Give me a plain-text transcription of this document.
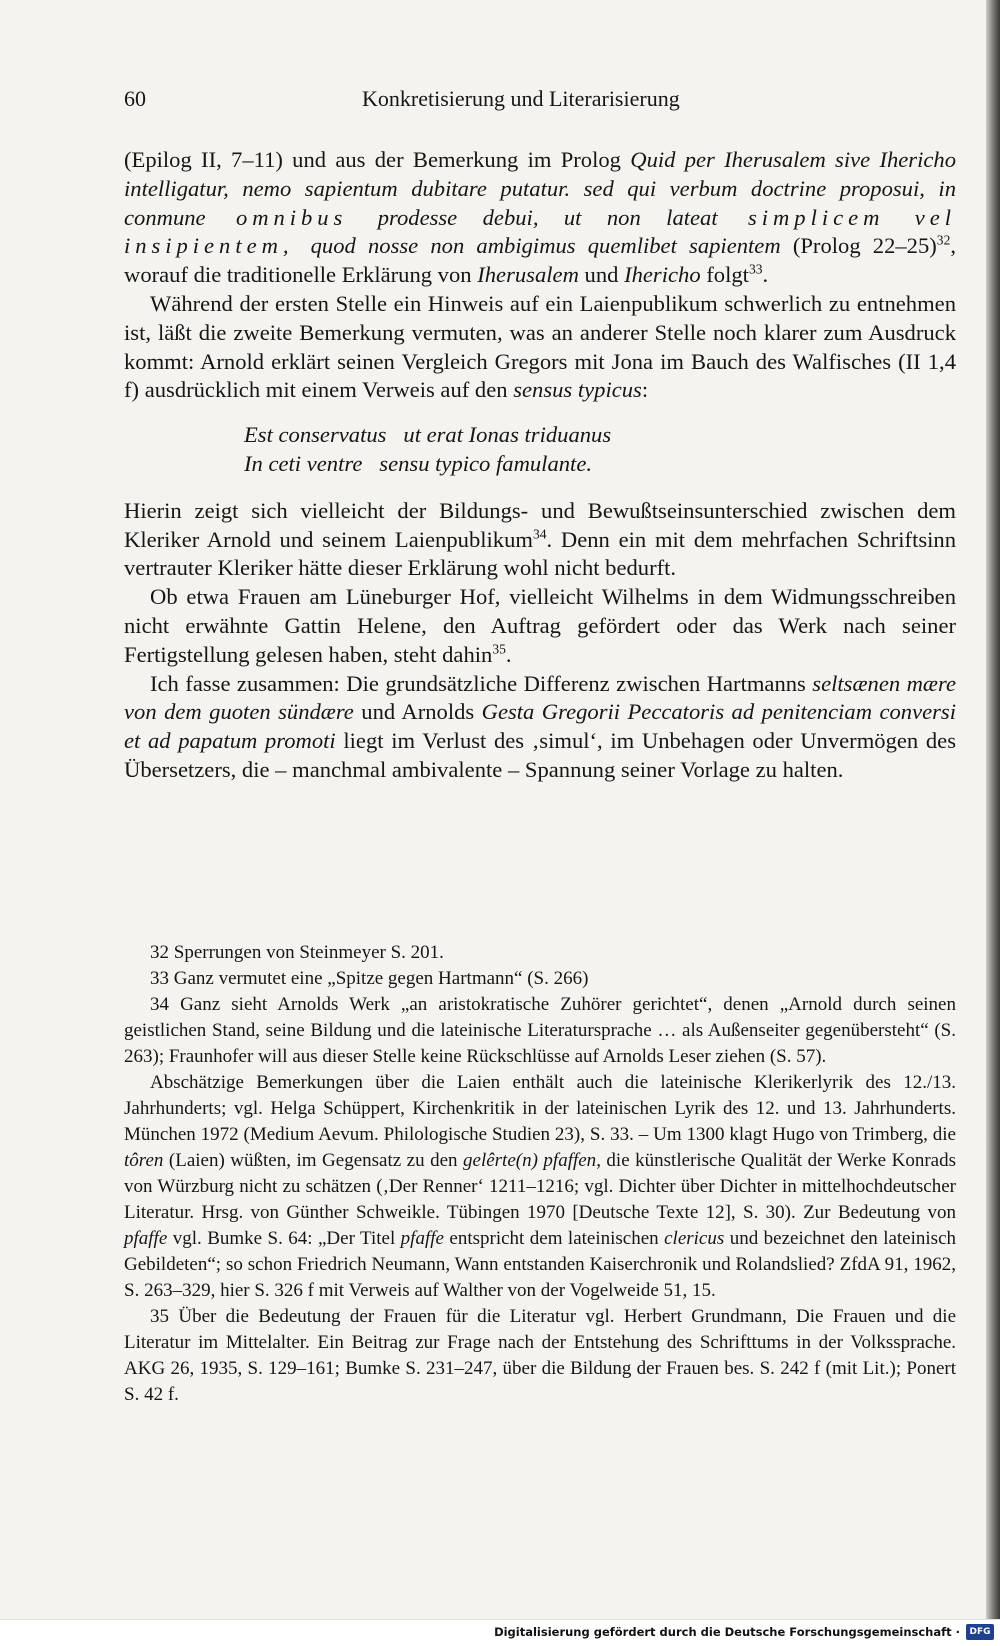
60	Konkretisierung und Literarisierung

(Epilog II, 7–11) und aus der Bemerkung im Prolog Quid per Iherusalem sive Ihericho intelligatur, nemo sapientum dubitare putatur. sed qui verbum doctrine proposui, in conmune omnibus prodesse debui, ut non lateat simplicem vel insipientem, quod nosse non ambigimus quemlibet sapientem (Prolog 22–25)$^{32}$, worauf die traditionelle Erklärung von Iherusalem und Ihericho folgt$^{33}$.

Während der ersten Stelle ein Hinweis auf ein Laienpublikum schwerlich zu entnehmen ist, läßt die zweite Bemerkung vermuten, was an anderer Stelle noch klarer zum Ausdruck kommt: Arnold erklärt seinen Vergleich Gregors mit Jona im Bauch des Walfisches (II 1,4 f) ausdrücklich mit einem Verweis auf den sensus typicus:

Est conservatus   ut erat Ionas triduanus
In ceti ventre   sensu typico famulante.

Hierin zeigt sich vielleicht der Bildungs- und Bewußtseinsunterschied zwischen dem Kleriker Arnold und seinem Laienpublikum$^{34}$. Denn ein mit dem mehrfachen Schriftsinn vertrauter Kleriker hätte dieser Erklärung wohl nicht bedurft.

Ob etwa Frauen am Lüneburger Hof, vielleicht Wilhelms in dem Widmungsschreiben nicht erwähnte Gattin Helene, den Auftrag gefördert oder das Werk nach seiner Fertigstellung gelesen haben, steht dahin$^{35}$.

Ich fasse zusammen: Die grundsätzliche Differenz zwischen Hartmanns seltsænen mære von dem guoten sündære und Arnolds Gesta Gregorii Peccatoris ad penitenciam conversi et ad papatum promoti liegt im Verlust des ‚simul‘, im Unbehagen oder Unvermögen des Übersetzers, die – manchmal ambivalente – Spannung seiner Vorlage zu halten.

32 Sperrungen von Steinmeyer S. 201.

33 Ganz vermutet eine „Spitze gegen Hartmann“ (S. 266)

34 Ganz sieht Arnolds Werk „an aristokratische Zuhörer gerichtet“, denen „Arnold durch seinen geistlichen Stand, seine Bildung und die lateinische Literatursprache … als Außenseiter gegenübersteht“ (S. 263); Fraunhofer will aus dieser Stelle keine Rückschlüsse auf Arnolds Leser ziehen (S. 57).

Abschätzige Bemerkungen über die Laien enthält auch die lateinische Klerikerlyrik des 12./13. Jahrhunderts; vgl. Helga Schüppert, Kirchenkritik in der lateinischen Lyrik des 12. und 13. Jahrhunderts. München 1972 (Medium Aevum. Philologische Studien 23), S. 33. – Um 1300 klagt Hugo von Trimberg, die tôren (Laien) wüßten, im Gegensatz zu den gelêrte(n) pfaffen, die künstlerische Qualität der Werke Konrads von Würzburg nicht zu schätzen (‚Der Renner‘ 1211–1216; vgl. Dichter über Dichter in mittelhochdeutscher Literatur. Hrsg. von Günther Schweikle. Tübingen 1970 [Deutsche Texte 12], S. 30). Zur Bedeutung von pfaffe vgl. Bumke S. 64: „Der Titel pfaffe entspricht dem lateinischen clericus und bezeichnet den lateinisch Gebildeten“; so schon Friedrich Neumann, Wann entstanden Kaiserchronik und Rolandslied? ZfdA 91, 1962, S. 263–329, hier S. 326 f mit Verweis auf Walther von der Vogelweide 51, 15.

35 Über die Bedeutung der Frauen für die Literatur vgl. Herbert Grundmann, Die Frauen und die Literatur im Mittelalter. Ein Beitrag zur Frage nach der Entstehung des Schrifttums in der Volkssprache. AKG 26, 1935, S. 129–161; Bumke S. 231–247, über die Bildung der Frauen bes. S. 242 f (mit Lit.); Ponert S. 42 f.

Digitalisierung gefördert durch die Deutsche Forschungsgemeinschaft ·	DFG
